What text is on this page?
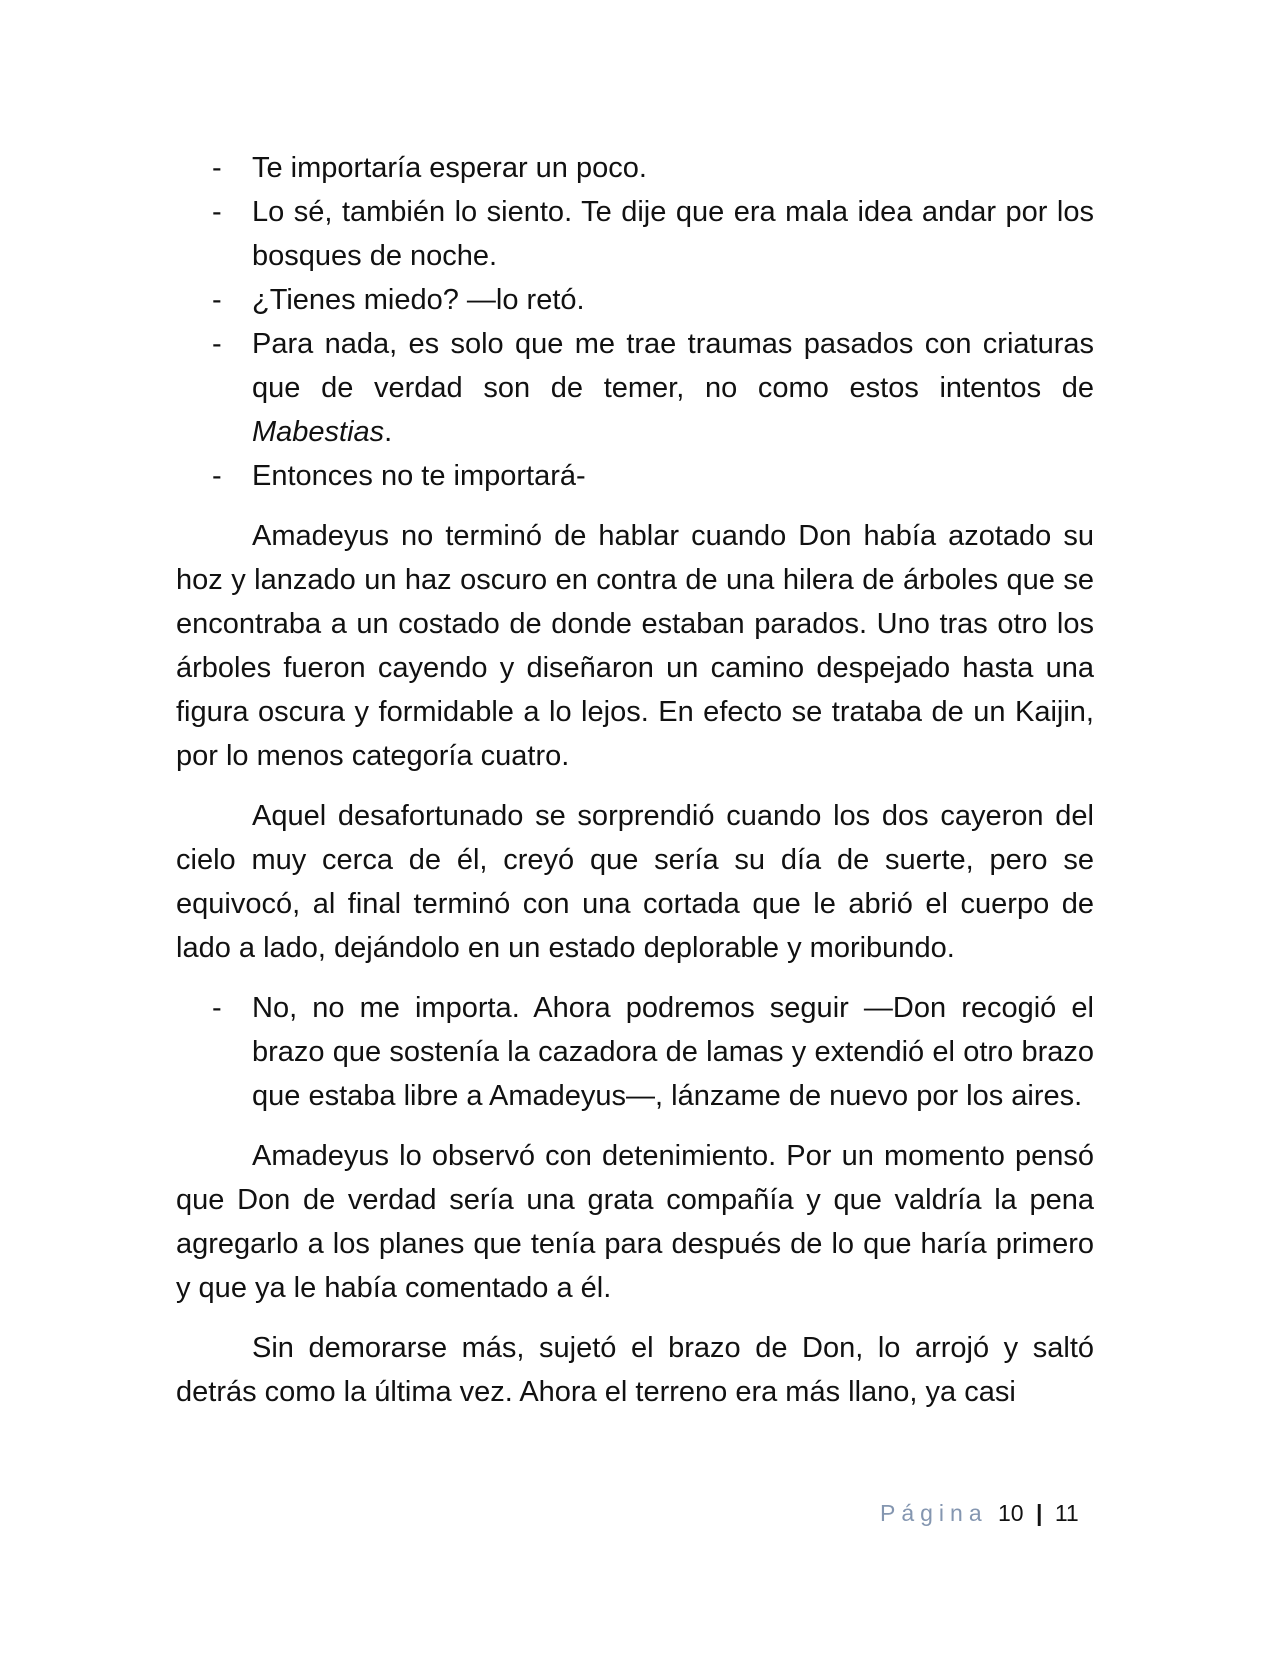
- Te importaría esperar un poco.
- Lo sé, también lo siento. Te dije que era mala idea andar por los bosques de noche.
- ¿Tienes miedo? —lo retó.
- Para nada, es solo que me trae traumas pasados con criaturas que de verdad son de temer, no como estos intentos de Mabestias.
- Entonces no te importará-

Amadeyus no terminó de hablar cuando Don había azotado su hoz y lanzado un haz oscuro en contra de una hilera de árboles que se encontraba a un costado de donde estaban parados. Uno tras otro los árboles fueron cayendo y diseñaron un camino despejado hasta una figura oscura y formidable a lo lejos. En efecto se trataba de un Kaijin, por lo menos categoría cuatro.

Aquel desafortunado se sorprendió cuando los dos cayeron del cielo muy cerca de él, creyó que sería su día de suerte, pero se equivocó, al final terminó con una cortada que le abrió el cuerpo de lado a lado, dejándolo en un estado deplorable y moribundo.

- No, no me importa. Ahora podremos seguir —Don recogió el brazo que sostenía la cazadora de lamas y extendió el otro brazo que estaba libre a Amadeyus—, lánzame de nuevo por los aires.

Amadeyus lo observó con detenimiento. Por un momento pensó que Don de verdad sería una grata compañía y que valdría la pena agregarlo a los planes que tenía para después de lo que haría primero y que ya le había comentado a él.

Sin demorarse más, sujetó el brazo de Don, lo arrojó y saltó detrás como la última vez. Ahora el terreno era más llano, ya casi

Página 10 | 11
